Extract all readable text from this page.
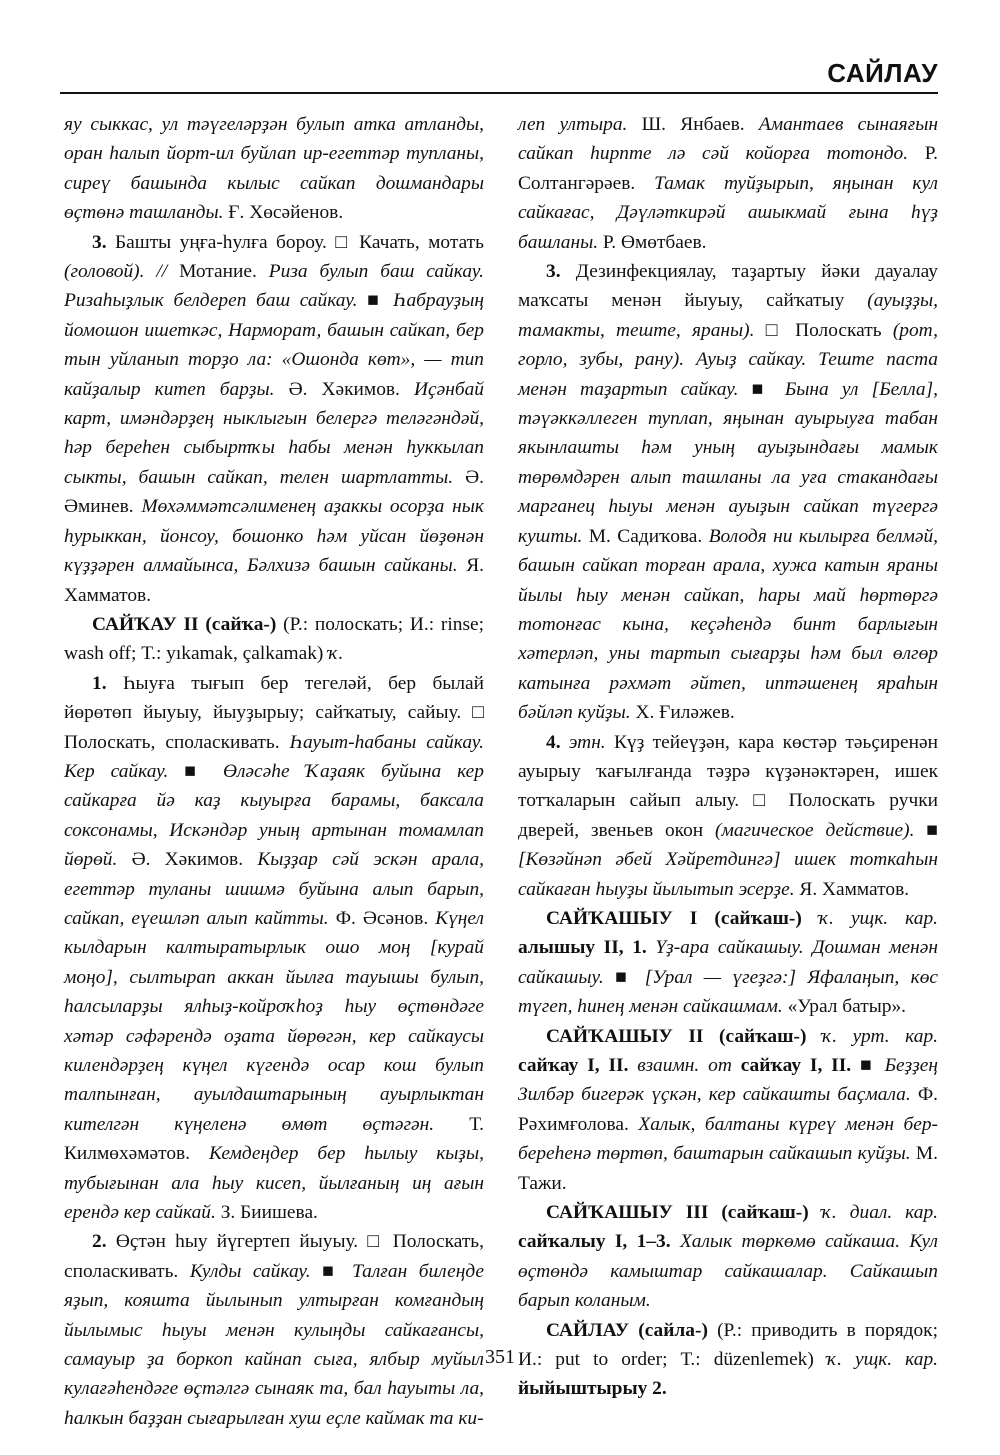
САЙЛАУ

яу сыккас, ул тәүгеләрҙән булып атка атланды, оран һалып йорт-ил буйлап ир-егеттәр тупланы, сиреү башында кылыс сайкап дошмандары өҫтөнә ташланды. Ғ. Хөсәйенов.

3. Башты уңға-һулға бороу. □ Качать, мотать (головой). // Мотание. Риза булып баш сайкау. Ризаһыҙлык белдереп баш сайкау. ■ Һабрауҙың йомошон ишеткәс, Нарморат, башын сайкап, бер тын уйланып торҙо ла: «Ошонда көт», — тип кайҙалыр китеп барҙы. Ә. Хәкимов. Иҫәнбай карт, имәндәрҙең ныклыгын белергә теләгәндәй, һәр береһен сыбыртҡы һабы менән һуккылап сыкты, башын сайкап, телен шартлатты. Ә. Әминев. Мөхәммәтсәлименең аҙаккы осорҙа нык һурыккан, йонсоу, бошонко һәм уйсан йөҙөнән күҙҙәрен алмайынса, Бәлхизә башын сайканы. Я. Хамматов.

САЙҠАУ II (сайҡа-) (Р.: полоскать; И.: rinse; wash off; Т.: yıkamak, çalkamak) ҡ.

1. Һыуға тығып бер тегеләй, бер былай йөрөтөп йыуыу, йыуҙырыу; сайҡатыу, сайыу. □ Полоскать, споласкивать. Һауыт-һабаны сайкау. Кер сайкау. ■ Өләсәһе Ҡаҙаяк буйына кер сайкарға йә каҙ кыуырға барамы, баксала соксонамы, Искәндәр уның артынан томамлап йөрөй. Ә. Хәкимов. Кыҙҙар сәй эскән арала, егеттәр туланы шишмә буйына алып барып, сайкап, еүешләп алып кайтты. Ф. Әсәнов. Күңел кылдарын калтыратырлык ошо моң [курай моңо], сылтырап аккан йылға тауышы булып, һалсыларҙы ялһыҙ-койроҡһоҙ һыу өҫтөндәге хәтәр сәфәрендә оҙата йөрөгән, кер сайкаусы килендәрҙең күңел күгендә осар кош булып талпынған, ауылдаштарының ауырлыктан кителгән күңеленә өмөт өҫтәгән. Т. Килмөхәмәтов. Кемдеңдер бер һылыу кыҙы, тубығынан ала һыу кисеп, йылғаның иң ағын ерендә кер сайкай. З. Биишева.

2. Өҫтән һыу йүгертеп йыуыу. □ Полоскать, споласкивать. Кулды сайкау. ■ Талған билеңде яҙып, кояшта йылынып ултырған комғандың йылымыс һыуы менән кулыңды сайкағансы, самауыр ҙа боркоп кайнап сыға, ялбыр муйыл кулағәһендәге өҫтәлгә сынаяк та, бал һауыты ла, һалкын баҙҙан сығарылған хуш еҫле каймак та ки-

леп ултыра. Ш. Янбаев. Амантаев сынаяғын сайкап һирпте лә сәй койорға тотондо. Р. Солтангәрәев. Тамак туйҙырып, яңынан кул сайкағас, Дәүләткирәй ашыкмай ғына һүҙ башланы. Р. Өмөтбаев.

3. Дезинфекциялау, таҙартыу йәки дауалау маҡсаты менән йыуыу, сайҡатыу (ауыҙҙы, тамакты, теште, яраны). □ Полоскать (рот, горло, зубы, рану). Ауыҙ сайкау. Теште паста менән таҙартып сайкау. ■ Бына ул [Белла], тәүәккәллеген туплап, яңынан ауырыуға табан якынлашты һәм уның ауыҙындағы мамык төрөмдәрен алып ташланы ла уға стакандағы марганец һыуы менән ауыҙын сайкап түгергә кушты. М. Садиҡова. Володя ни кылырға белмәй, башын сайкап торған арала, хужа катын яраны йылы һыу менән сайкап, һары май һөртөргә тотонғас кына, кеҫәһендә бинт барлығын хәтерләп, уны тартып сығарҙы һәм был өлгөр катынға рәхмәт әйтеп, иптәшенең яраһын бәйләп куйҙы. Х. Ғиләжев.

4. этн. Күҙ тейеүҙән, кара көстәр тәьҫиренән ауырыу ҡағылғанда тәҙрә күҙәнәктәрен, ишек тотҡаларын сайып алыу. □ Полоскать ручки дверей, звеньев окон (магическое действие). ■ [Көзәйнәп әбей Хәйретдингә] ишек тоткаһын сайкаған һыуҙы йылытып эсерҙе. Я. Хамматов.

САЙҠАШЫУ I (сайҡаш-) ҡ. ущк. кар. алышыу II, 1. Үҙ-ара сайкашыу. Дошман менән сайкашыу. ■ [Урал — үгеҙгә:] Яфалаңып, көс түгеп, һинең менән сайкашмам. «Урал батыр».

САЙҠАШЫУ II (сайҡаш-) ҡ. урт. кар. сайҡау I, II. взаимн. от сайҡау I, II. ■ Беҙҙең Зилбәр бигерәк үҫкән, кер сайкашты баҫмала. Ф. Рәхимғолова. Халык, балтаны күреү менән бер-береһенә төртөп, баштарын сайкашып куйҙы. М. Тажи.

САЙҠАШЫУ III (сайҡаш-) ҡ. диал. кар. сайҡалыу I, 1–3. Халык төркөмө сайкаша. Кул өҫтөндә камыштар сайкашалар. Сайкашып барып коланым.

САЙЛАУ (сайла-) (Р.: приводить в порядок; И.: put to order; Т.: düzenlemek) ҡ. ущк. кар. йыйыштырыу 2.

351
